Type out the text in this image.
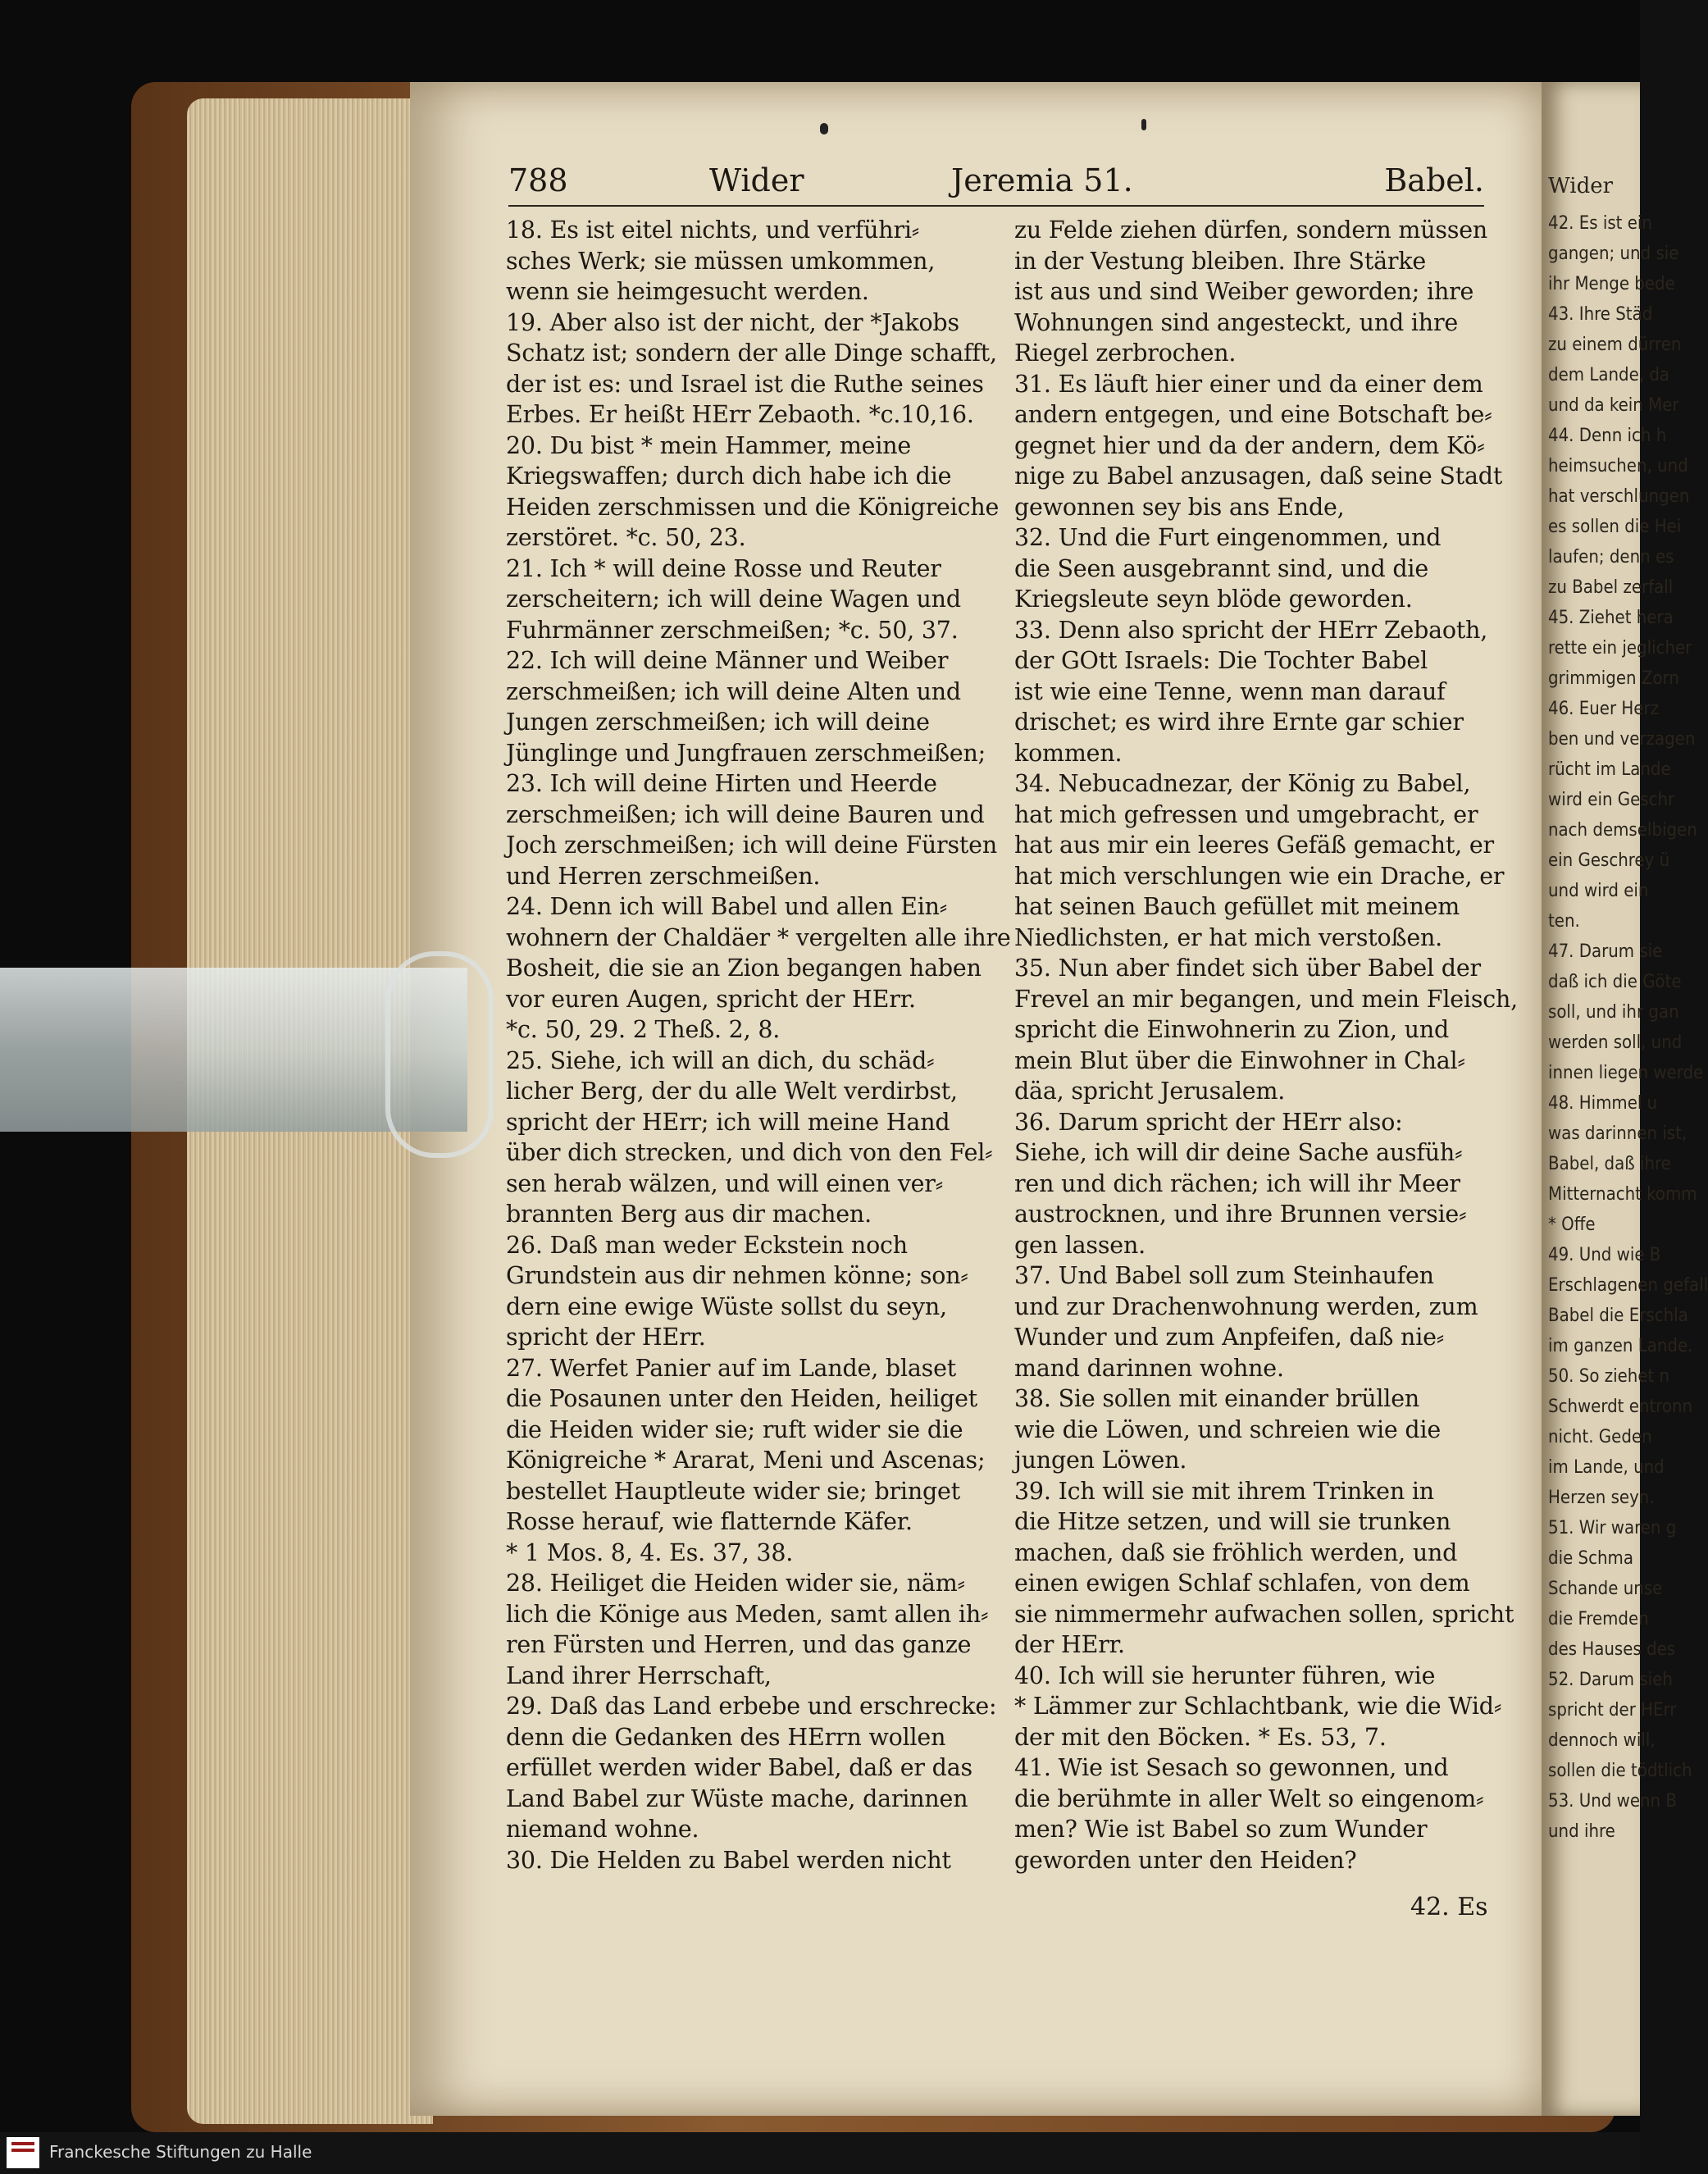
788	Wider	Jeremia 51.	Babel.
18. Es ist eitel nichts, und verführi⸗
sches Werk; sie müssen umkommen,
wenn sie heimgesucht werden.
19. Aber also ist der nicht, der *Jakobs
Schatz ist; sondern der alle Dinge schafft,
der ist es: und Israel ist die Ruthe seines
Erbes. Er heißt HErr Zebaoth. *c.10,16.
20. Du bist * mein Hammer, meine
Kriegswaffen; durch dich habe ich die
Heiden zerschmissen und die Königreiche
zerstöret. *c. 50, 23.
21. Ich * will deine Rosse und Reuter
zerscheitern; ich will deine Wagen und
Fuhrmänner zerschmeißen; *c. 50, 37.
22. Ich will deine Männer und Weiber
zerschmeißen; ich will deine Alten und
Jungen zerschmeißen; ich will deine
Jünglinge und Jungfrauen zerschmeißen;
23. Ich will deine Hirten und Heerde
zerschmeißen; ich will deine Bauren und
Joch zerschmeißen; ich will deine Fürsten
und Herren zerschmeißen.
24. Denn ich will Babel und allen Ein⸗
wohnern der Chaldäer * vergelten alle ihre
Bosheit, die sie an Zion begangen haben
vor euren Augen, spricht der HErr.
*c. 50, 29. 2 Theß. 2, 8.
25. Siehe, ich will an dich, du schäd⸗
licher Berg, der du alle Welt verdirbst,
spricht der HErr; ich will meine Hand
über dich strecken, und dich von den Fel⸗
sen herab wälzen, und will einen ver⸗
brannten Berg aus dir machen.
26. Daß man weder Eckstein noch
Grundstein aus dir nehmen könne; son⸗
dern eine ewige Wüste sollst du seyn,
spricht der HErr.
27. Werfet Panier auf im Lande, blaset
die Posaunen unter den Heiden, heiliget
die Heiden wider sie; ruft wider sie die
Königreiche * Ararat, Meni und Ascenas;
bestellet Hauptleute wider sie; bringet
Rosse herauf, wie flatternde Käfer.
* 1 Mos. 8, 4. Es. 37, 38.
28. Heiliget die Heiden wider sie, näm⸗
lich die Könige aus Meden, samt allen ih⸗
ren Fürsten und Herren, und das ganze
Land ihrer Herrschaft,
29. Daß das Land erbebe und erschrecke:
denn die Gedanken des HErrn wollen
erfüllet werden wider Babel, daß er das
Land Babel zur Wüste mache, darinnen
niemand wohne.
30. Die Helden zu Babel werden nicht
zu Felde ziehen dürfen, sondern müssen
in der Vestung bleiben. Ihre Stärke
ist aus und sind Weiber geworden; ihre
Wohnungen sind angesteckt, und ihre
Riegel zerbrochen.
31. Es läuft hier einer und da einer dem
andern entgegen, und eine Botschaft be⸗
gegnet hier und da der andern, dem Kö⸗
nige zu Babel anzusagen, daß seine Stadt
gewonnen sey bis ans Ende,
32. Und die Furt eingenommen, und
die Seen ausgebrannt sind, und die
Kriegsleute seyn blöde geworden.
33. Denn also spricht der HErr Zebaoth,
der GOtt Israels: Die Tochter Babel
ist wie eine Tenne, wenn man darauf
drischet; es wird ihre Ernte gar schier
kommen.
34. Nebucadnezar, der König zu Babel,
hat mich gefressen und umgebracht, er
hat aus mir ein leeres Gefäß gemacht, er
hat mich verschlungen wie ein Drache, er
hat seinen Bauch gefüllet mit meinem
Niedlichsten, er hat mich verstoßen.
35. Nun aber findet sich über Babel der
Frevel an mir begangen, und mein Fleisch,
spricht die Einwohnerin zu Zion, und
mein Blut über die Einwohner in Chal⸗
däa, spricht Jerusalem.
36. Darum spricht der HErr also:
Siehe, ich will dir deine Sache ausfüh⸗
ren und dich rächen; ich will ihr Meer
austrocknen, und ihre Brunnen versie⸗
gen lassen.
37. Und Babel soll zum Steinhaufen
und zur Drachenwohnung werden, zum
Wunder und zum Anpfeifen, daß nie⸗
mand darinnen wohne.
38. Sie sollen mit einander brüllen
wie die Löwen, und schreien wie die
jungen Löwen.
39. Ich will sie mit ihrem Trinken in
die Hitze setzen, und will sie trunken
machen, daß sie fröhlich werden, und
einen ewigen Schlaf schlafen, von dem
sie nimmermehr aufwachen sollen, spricht
der HErr.
40. Ich will sie herunter führen, wie
* Lämmer zur Schlachtbank, wie die Wid⸗
der mit den Böcken. * Es. 53, 7.
41. Wie ist Sesach so gewonnen, und
die berühmte in aller Welt so eingenom⸗
men? Wie ist Babel so zum Wunder
geworden unter den Heiden?
42. Es
Wider
42. Es ist ein
gangen; und sie
ihr Menge bede
43. Ihre Städ
zu einem dürren
dem Lande, da
und da kein Mer
44. Denn ich h
heimsuchen, und
hat verschlungen
es sollen die Hei
laufen; denn es
zu Babel zerfall
45. Ziehet hera
rette ein jeglicher
grimmigen Zorn
46. Euer Herz
ben und verzagen
rücht im Lande
wird ein Geschr
nach demselbigen
ein Geschrey ü
und wird ein
ten.
47. Darum sie
daß ich die Göte
soll, und ihr gan
werden soll, und
innen liegen werde
48. Himmel u
was darinnen ist,
Babel, daß ihre
Mitternacht komm
* Offe
49. Und wie B
Erschlagenen gefall
Babel die Erschla
im ganzen Lande.
50. So ziehet n
Schwerdt entronn
nicht. Geden
im Lande, und
Herzen seyn.
51. Wir waren g
die Schma
Schande unse
die Fremden
des Hauses des
52. Darum sieh
spricht der HErr
dennoch will,
sollen die tödtlich
53. Und wenn B
und ihre
Franckesche Stiftungen zu Halle
